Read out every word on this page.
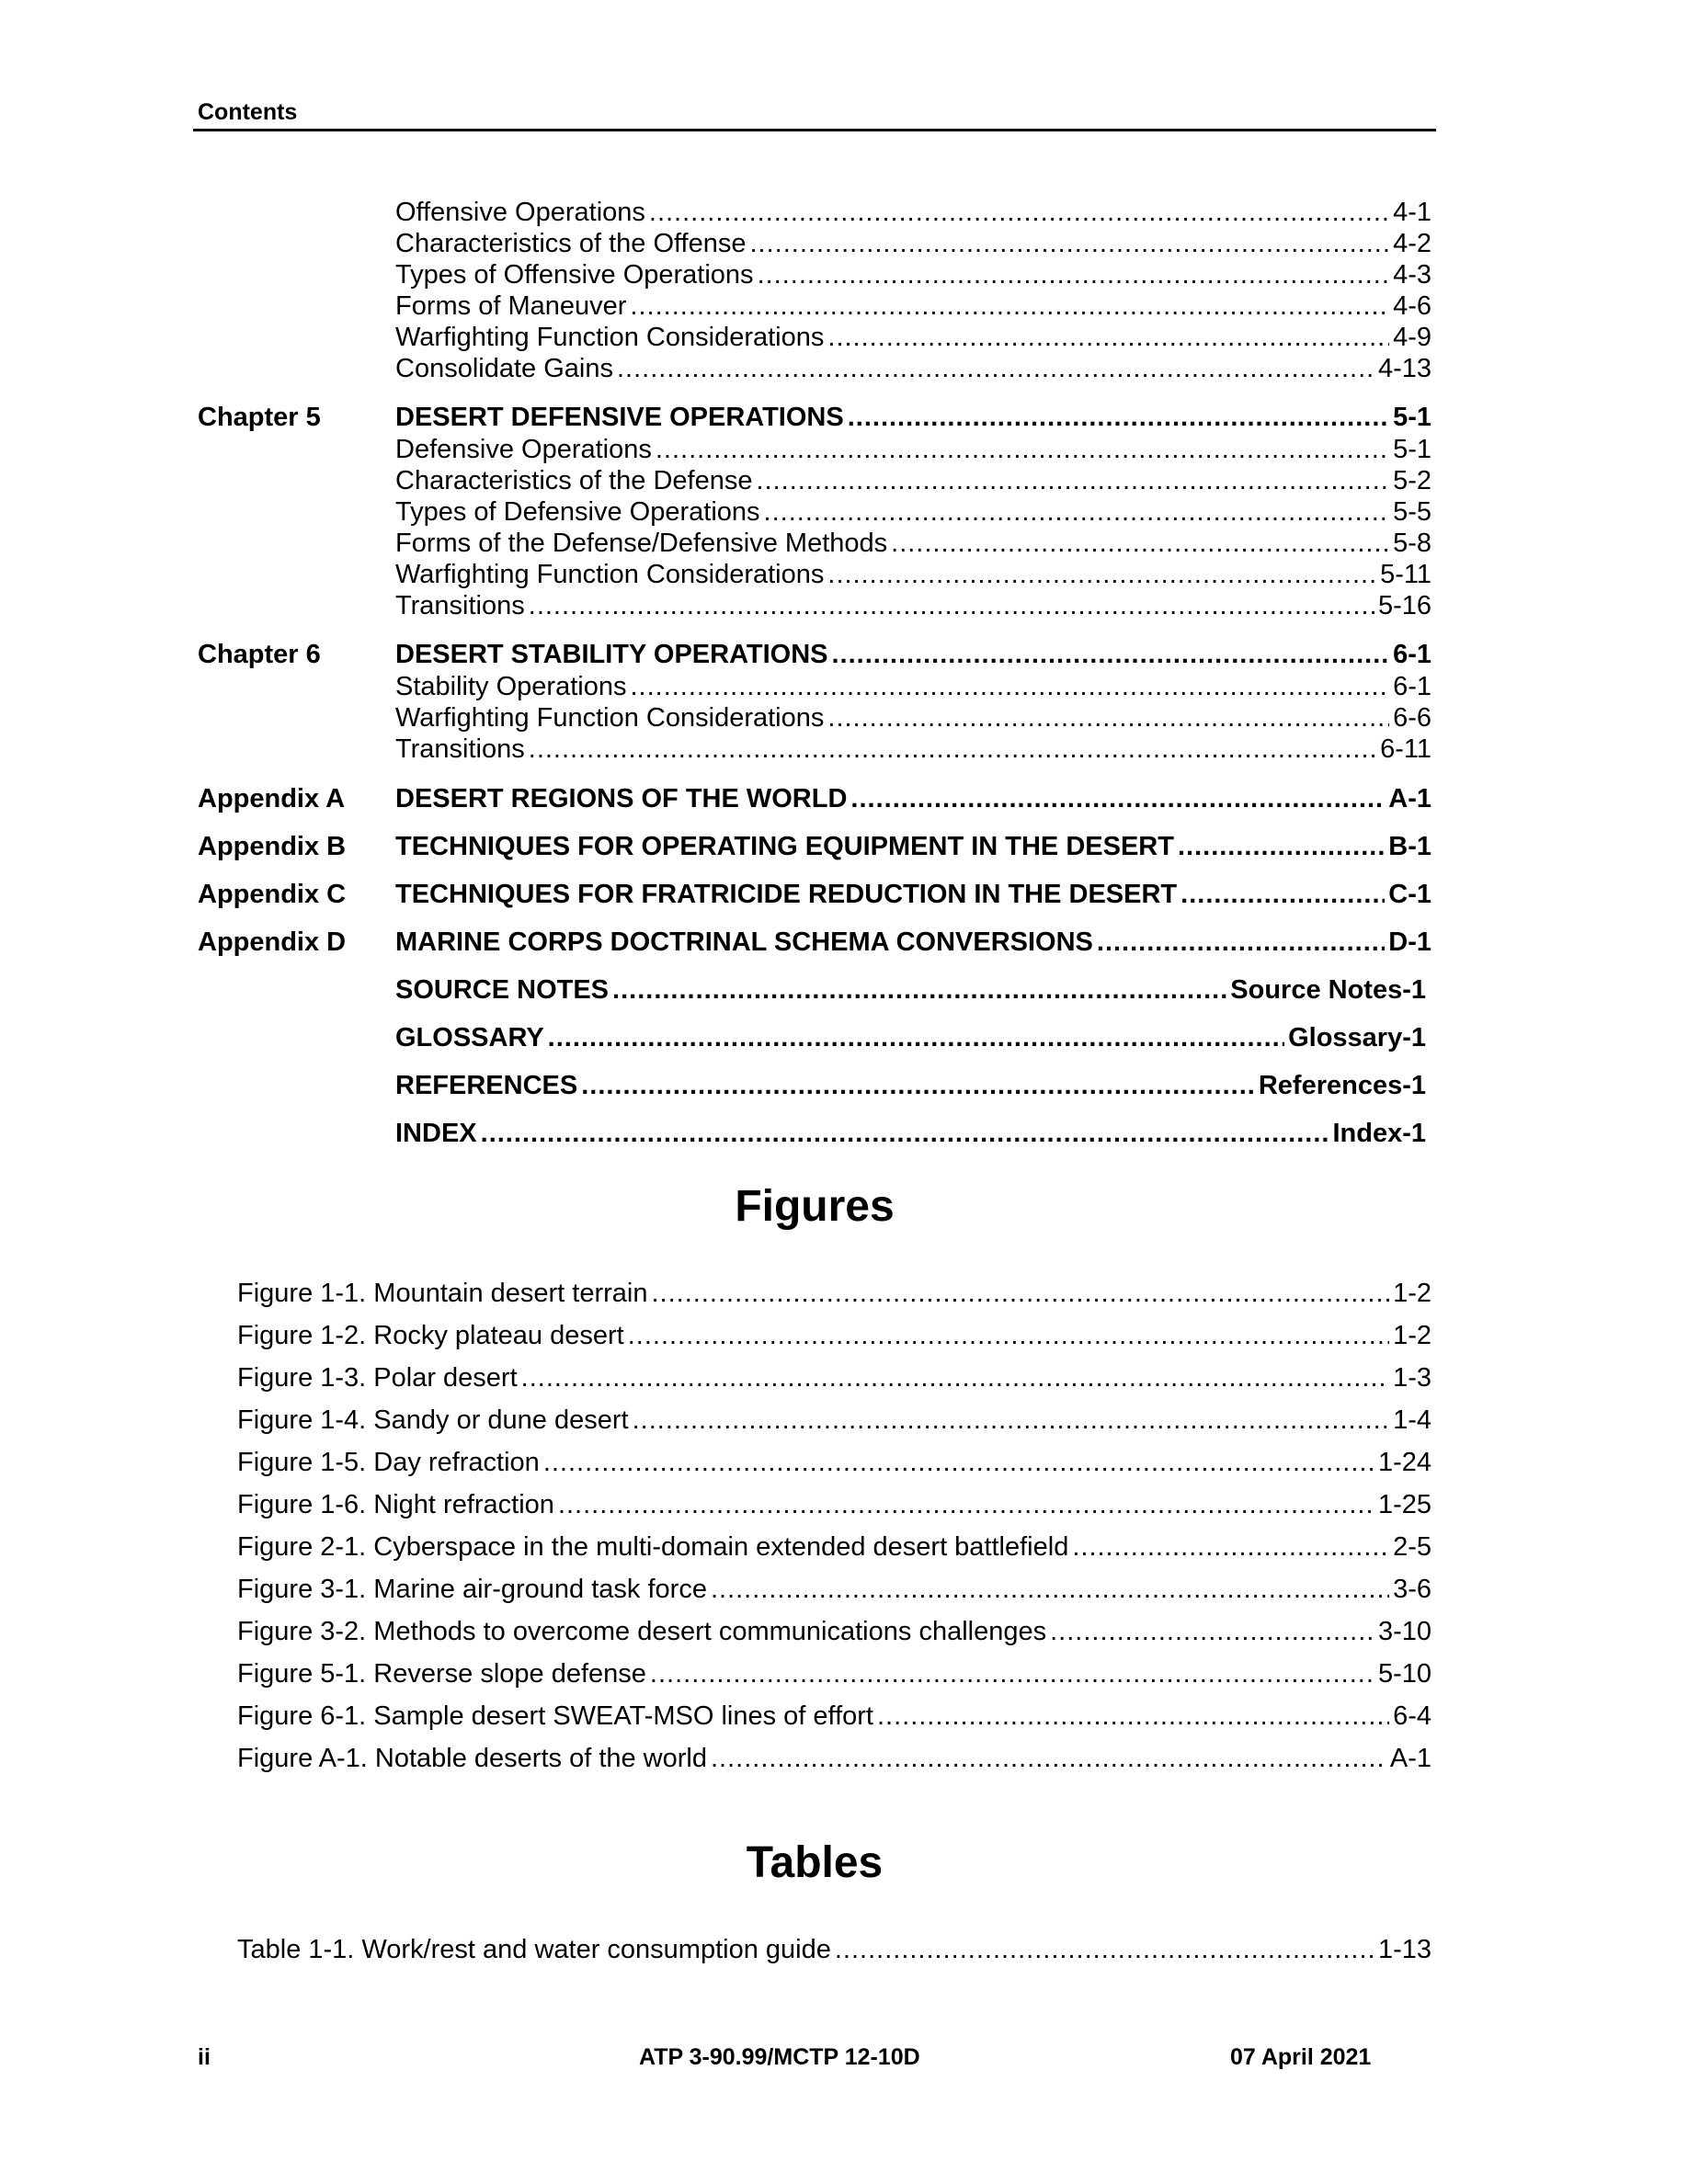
Contents
Offensive Operations .....	4-1
Characteristics of the Offense .....	4-2
Types of Offensive Operations .....	4-3
Forms of Maneuver .....	4-6
Warfighting Function Considerations .....	4-9
Consolidate Gains .....	4-13
Chapter 5	DESERT DEFENSIVE OPERATIONS .....	5-1
Defensive Operations .....	5-1
Characteristics of the Defense .....	5-2
Types of Defensive Operations .....	5-5
Forms of the Defense/Defensive Methods .....	5-8
Warfighting Function Considerations .....	5-11
Transitions .....	5-16
Chapter 6	DESERT STABILITY OPERATIONS .....	6-1
Stability Operations .....	6-1
Warfighting Function Considerations .....	6-6
Transitions .....	6-11
Appendix A DESERT REGIONS OF THE WORLD .....	A-1
Appendix B TECHNIQUES FOR OPERATING EQUIPMENT IN THE DESERT .....	B-1
Appendix C TECHNIQUES FOR FRATRICIDE REDUCTION IN THE DESERT .....	C-1
Appendix D MARINE CORPS DOCTRINAL SCHEMA CONVERSIONS .....	D-1
SOURCE NOTES .....	Source Notes-1
GLOSSARY .....	Glossary-1
REFERENCES .....	References-1
INDEX .....	Index-1
Figures
Figure 1-1. Mountain desert terrain .....	1-2
Figure 1-2. Rocky plateau desert .....	1-2
Figure 1-3. Polar desert .....	1-3
Figure 1-4. Sandy or dune desert .....	1-4
Figure 1-5. Day refraction .....	1-24
Figure 1-6. Night refraction .....	1-25
Figure 2-1. Cyberspace in the multi-domain extended desert battlefield .....	2-5
Figure 3-1. Marine air-ground task force .....	3-6
Figure 3-2. Methods to overcome desert communications challenges .....	3-10
Figure 5-1. Reverse slope defense .....	5-10
Figure 6-1. Sample desert SWEAT-MSO lines of effort .....	6-4
Figure A-1. Notable deserts of the world .....	A-1
Tables
Table 1-1. Work/rest and water consumption guide .....	1-13
ii	ATP 3-90.99/MCTP 12-10D	07 April 2021
